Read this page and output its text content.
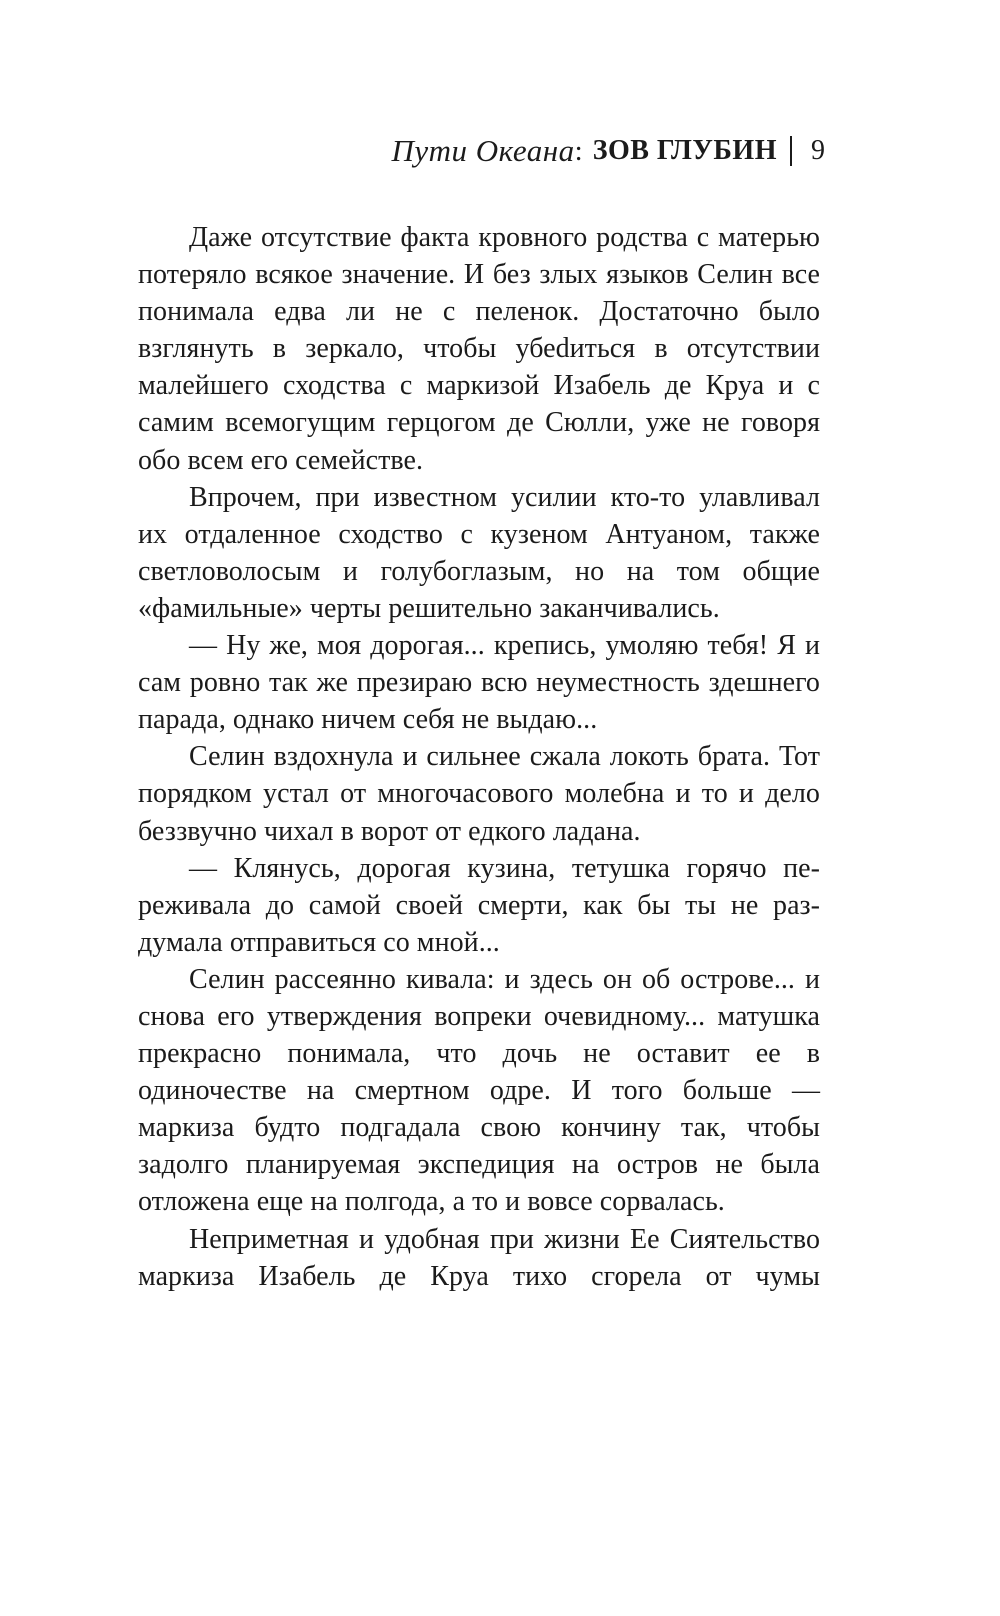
Пути Океана : ЗОВ ГЛУБИН 9

Даже отсутствие факта кровного родства с матерью потеряло всякое значение. И без злых языков Селин все понимала едва ли не с пеленок. Достаточно было взглянуть в зеркало, чтобы убеdиться в отсутствии малейшего сходства с маркизой Изабель де Круа и с самим всемогущим герцогом де Сюлли, уже не говоря обо всем его семействе.

Впрочем, при известном усилии кто-то улавливал их отдаленное сходство с кузеном Антуаном, также светловолосым и голубоглазым, но на том общие «фамильные» черты решительно заканчивались.

— Ну же, моя дорогая... крепись, умоляю тебя! Я и сам ровно так же презираю всю неуместность здешнего парада, однако ничем себя не выдаю...

Селин вздохнула и сильнее сжала локоть брата. Тот порядком устал от многочасового молебна и то и дело беззвучно чихал в ворот от едкого ладана.

— Клянусь, дорогая кузина, тетушка горячо переживала до самой своей смерти, как бы ты не раздумала отправиться со мной...

Селин рассеянно кивала: и здесь он об острове... и снова его утверждения вопреки очевидному... матушка прекрасно понимала, что дочь не оставит ее в одиночестве на смертном одре. И того больше — маркиза будто подгадала свою кончину так, чтобы задолго планируемая экспедиция на остров не была отложена еще на полгода, а то и вовсе сорвалась.

Неприметная и удобная при жизни Ее Сиятельство маркиза Изабель де Круа тихо сгорела от чумы
